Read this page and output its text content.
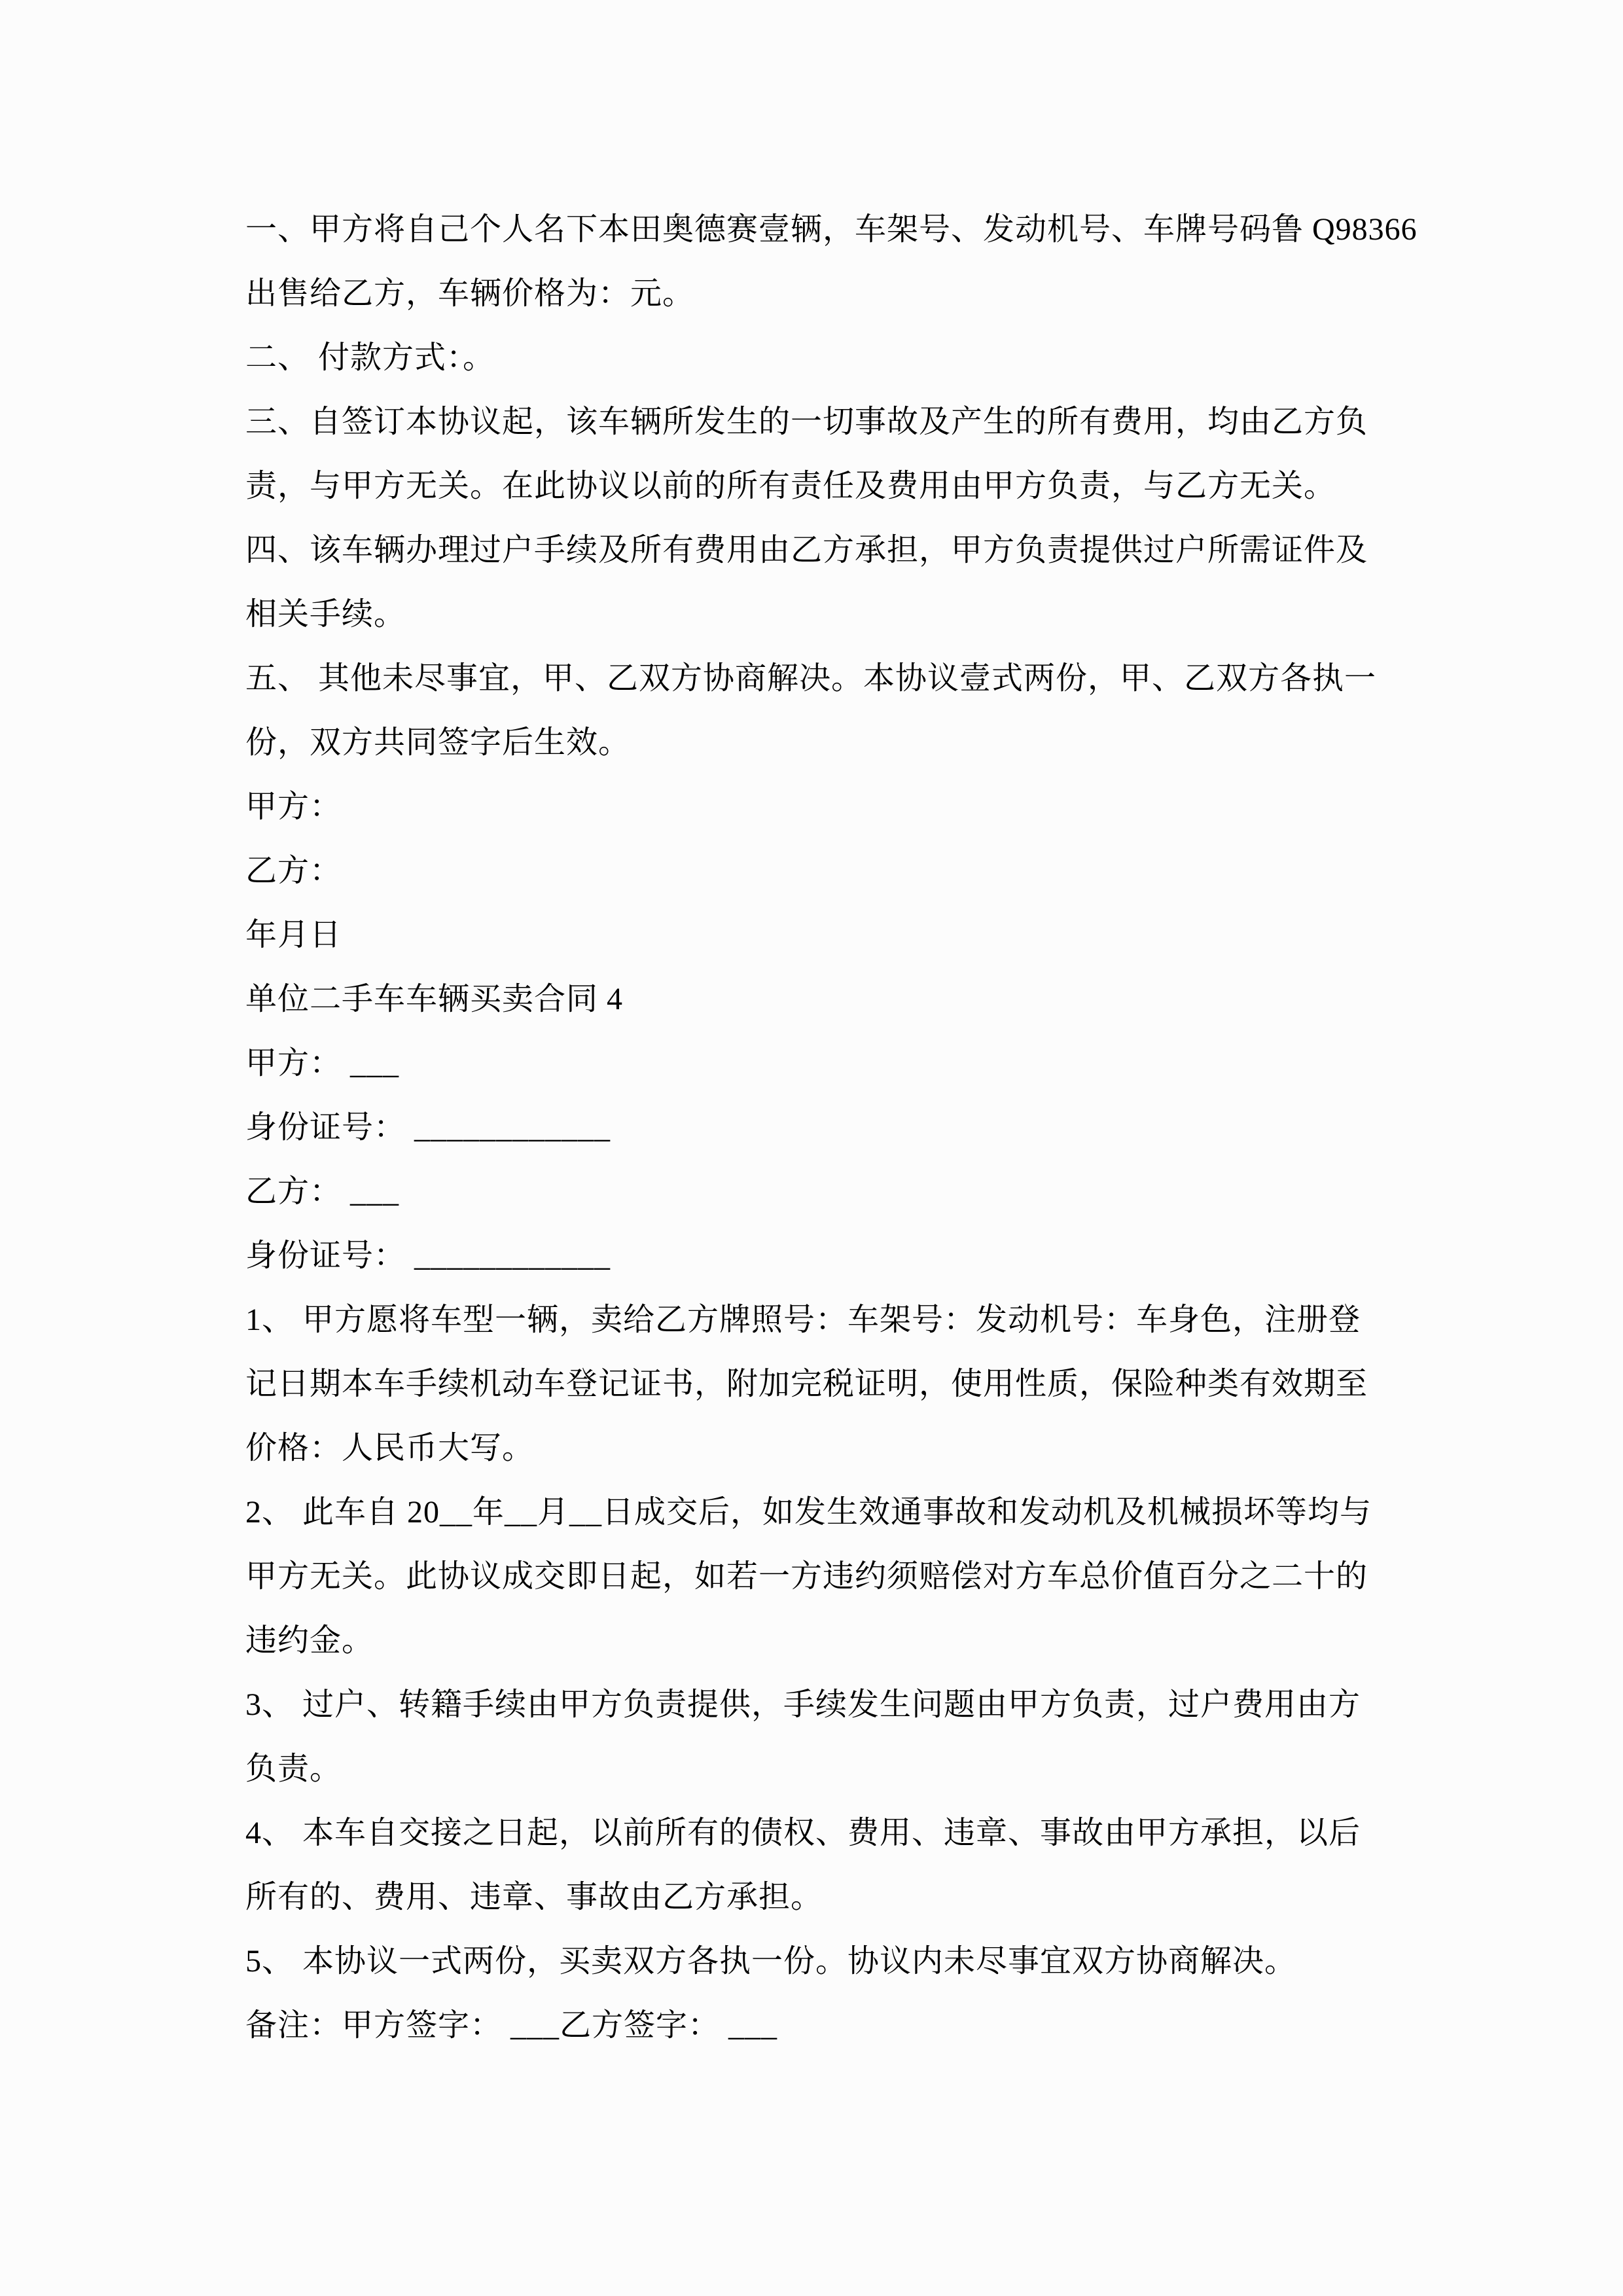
一、甲方将自己个人名下本田奥德赛壹辆，车架号、发动机号、车牌号码鲁 Q98366
出售给乙方，车辆价格为：元。
二、 付款方式：。
三、自签订本协议起，该车辆所发生的一切事故及产生的所有费用，均由乙方负
责，与甲方无关。在此协议以前的所有责任及费用由甲方负责，与乙方无关。
四、该车辆办理过户手续及所有费用由乙方承担，甲方负责提供过户所需证件及
相关手续。
五、 其他未尽事宜，甲、乙双方协商解决。本协议壹式两份，甲、乙双方各执一
份，双方共同签字后生效。
甲方：
乙方：
年月日
单位二手车车辆买卖合同 4
甲方： ___
身份证号： ____________
乙方： ___
身份证号： ____________
1、 甲方愿将车型一辆，卖给乙方牌照号：车架号：发动机号：车身色，注册登
记日期本车手续机动车登记证书，附加完税证明，使用性质，保险种类有效期至
价格：人民币大写。
2、 此车自 20__年__月__日成交后，如发生效通事故和发动机及机械损坏等均与
甲方无关。此协议成交即日起，如若一方违约须赔偿对方车总价值百分之二十的
违约金。
3、 过户、转籍手续由甲方负责提供，手续发生问题由甲方负责，过户费用由方
负责。
4、 本车自交接之日起，以前所有的债权、费用、违章、事故由甲方承担，以后
所有的、费用、违章、事故由乙方承担。
5、 本协议一式两份，买卖双方各执一份。协议内未尽事宜双方协商解决。
备注：甲方签字： ___乙方签字： ___
